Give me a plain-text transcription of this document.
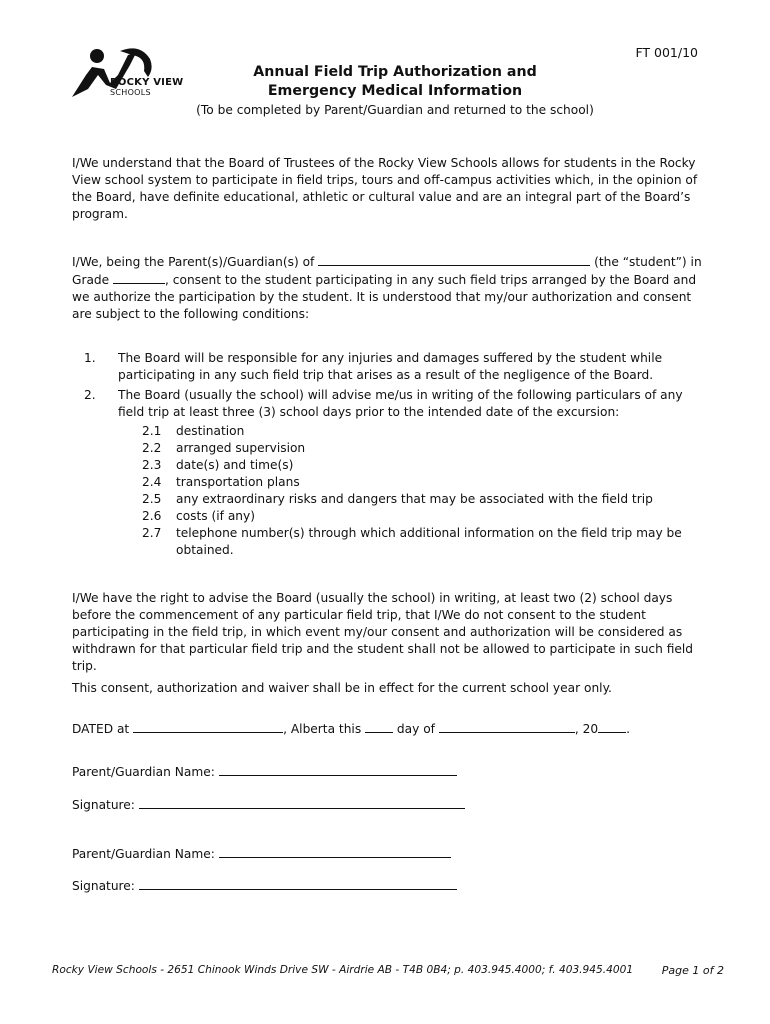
FT 001/10
ROCKY VIEW
SCHOOLS
Annual Field Trip Authorization and
Emergency Medical Information
(To be completed by Parent/Guardian and returned to the school)
I/We understand that the Board of Trustees of the Rocky View Schools allows for students in the Rocky View school system to participate in field trips, tours and off-campus activities which, in the opinion of the Board, have definite educational, athletic or cultural value and are an integral part of the Board’s program.
I/We, being the Parent(s)/Guardian(s) of	(the “student”) in Grade	, consent to the student participating in any such field trips arranged by the Board and we authorize the participation by the student. It is understood that my/our authorization and consent are subject to the following conditions:
1. The Board will be responsible for any injuries and damages suffered by the student while participating in any such field trip that arises as a result of the negligence of the Board.
2. The Board (usually the school) will advise me/us in writing of the following particulars of any field trip at least three (3) school days prior to the intended date of the excursion:
2.1 destination
2.2 arranged supervision
2.3 date(s) and time(s)
2.4 transportation plans
2.5 any extraordinary risks and dangers that may be associated with the field trip
2.6 costs (if any)
2.7 telephone number(s) through which additional information on the field trip may be obtained.
I/We have the right to advise the Board (usually the school) in writing, at least two (2) school days before the commencement of any particular field trip, that I/We do not consent to the student participating in the field trip, in which event my/our consent and authorization will be considered as withdrawn for that particular field trip and the student shall not be allowed to participate in such field trip.
This consent, authorization and waiver shall be in effect for the current school year only.
DATED at	, Alberta this	day of	, 20 .
Parent/Guardian Name:
Signature:
Parent/Guardian Name:
Signature:
Rocky View Schools - 2651 Chinook Winds Drive SW - Airdrie AB - T4B 0B4; p. 403.945.4000; f. 403.945.4001	Page 1 of 2
